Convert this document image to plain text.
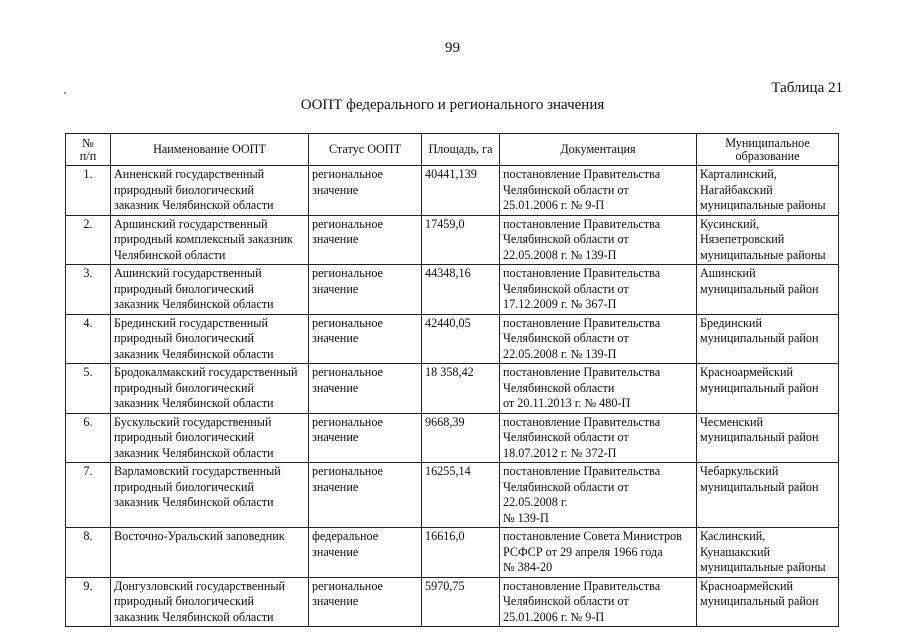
99
Таблица 21
ООПТ федерального и регионального значения
№
п/п	Наименование ООПТ	Статус ООПТ	Площадь, га	Документация	Муниципальное
образование
1.	Анненский государственный
природный биологический
заказник Челябинской области	региональное
значение	40441,139	постановление Правительства
Челябинской области от
25.01.2006 г. № 9-П	Карталинский,
Нагайбакский
муниципальные районы
2.	Аршинский государственный
природный комплексный заказник
Челябинской области	региональное
значение	17459,0	постановление Правительства
Челябинской области от
22.05.2008 г. № 139-П	Кусинский,
Нязепетровский
муниципальные районы
3.	Ашинский государственный
природный биологический
заказник Челябинской области	региональное
значение	44348,16	постановление Правительства
Челябинской области от
17.12.2009 г. № 367-П	Ашинский
муниципальный район
4.	Брединский государственный
природный биологический
заказник Челябинской области	региональное
значение	42440,05	постановление Правительства
Челябинской области от
22.05.2008 г. № 139-П	Брединский
муниципальный район
5.	Бродокалмакский государственный
природный биологический
заказник Челябинской области	региональное
значение	18 358,42	постановление Правительства
Челябинской области
от 20.11.2013 г. № 480-П	Красноармейский
муниципальный район
6.	Бускульский государственный
природный биологический
заказник Челябинской области	региональное
значение	9668,39	постановление Правительства
Челябинской области от
18.07.2012 г. № 372-П	Чесменский
муниципальный район
7.	Варламовский государственный
природный биологический
заказник Челябинской области	региональное
значение	16255,14	постановление Правительства
Челябинской области от
22.05.2008 г.
№ 139-П	Чебаркульский
муниципальный район
8.	Восточно-Уральский заповедник	федеральное
значение	16616,0	постановление Совета Министров
РСФСР от 29 апреля 1966 года
№ 384-20	Каслинский,
Кунашакский
муниципальные районы
9.	Донгузловский государственный
природный биологический
заказник Челябинской области	региональное
значение	5970,75	постановление Правительства
Челябинской области от
25.01.2006 г. № 9-П	Красноармейский
муниципальный район
